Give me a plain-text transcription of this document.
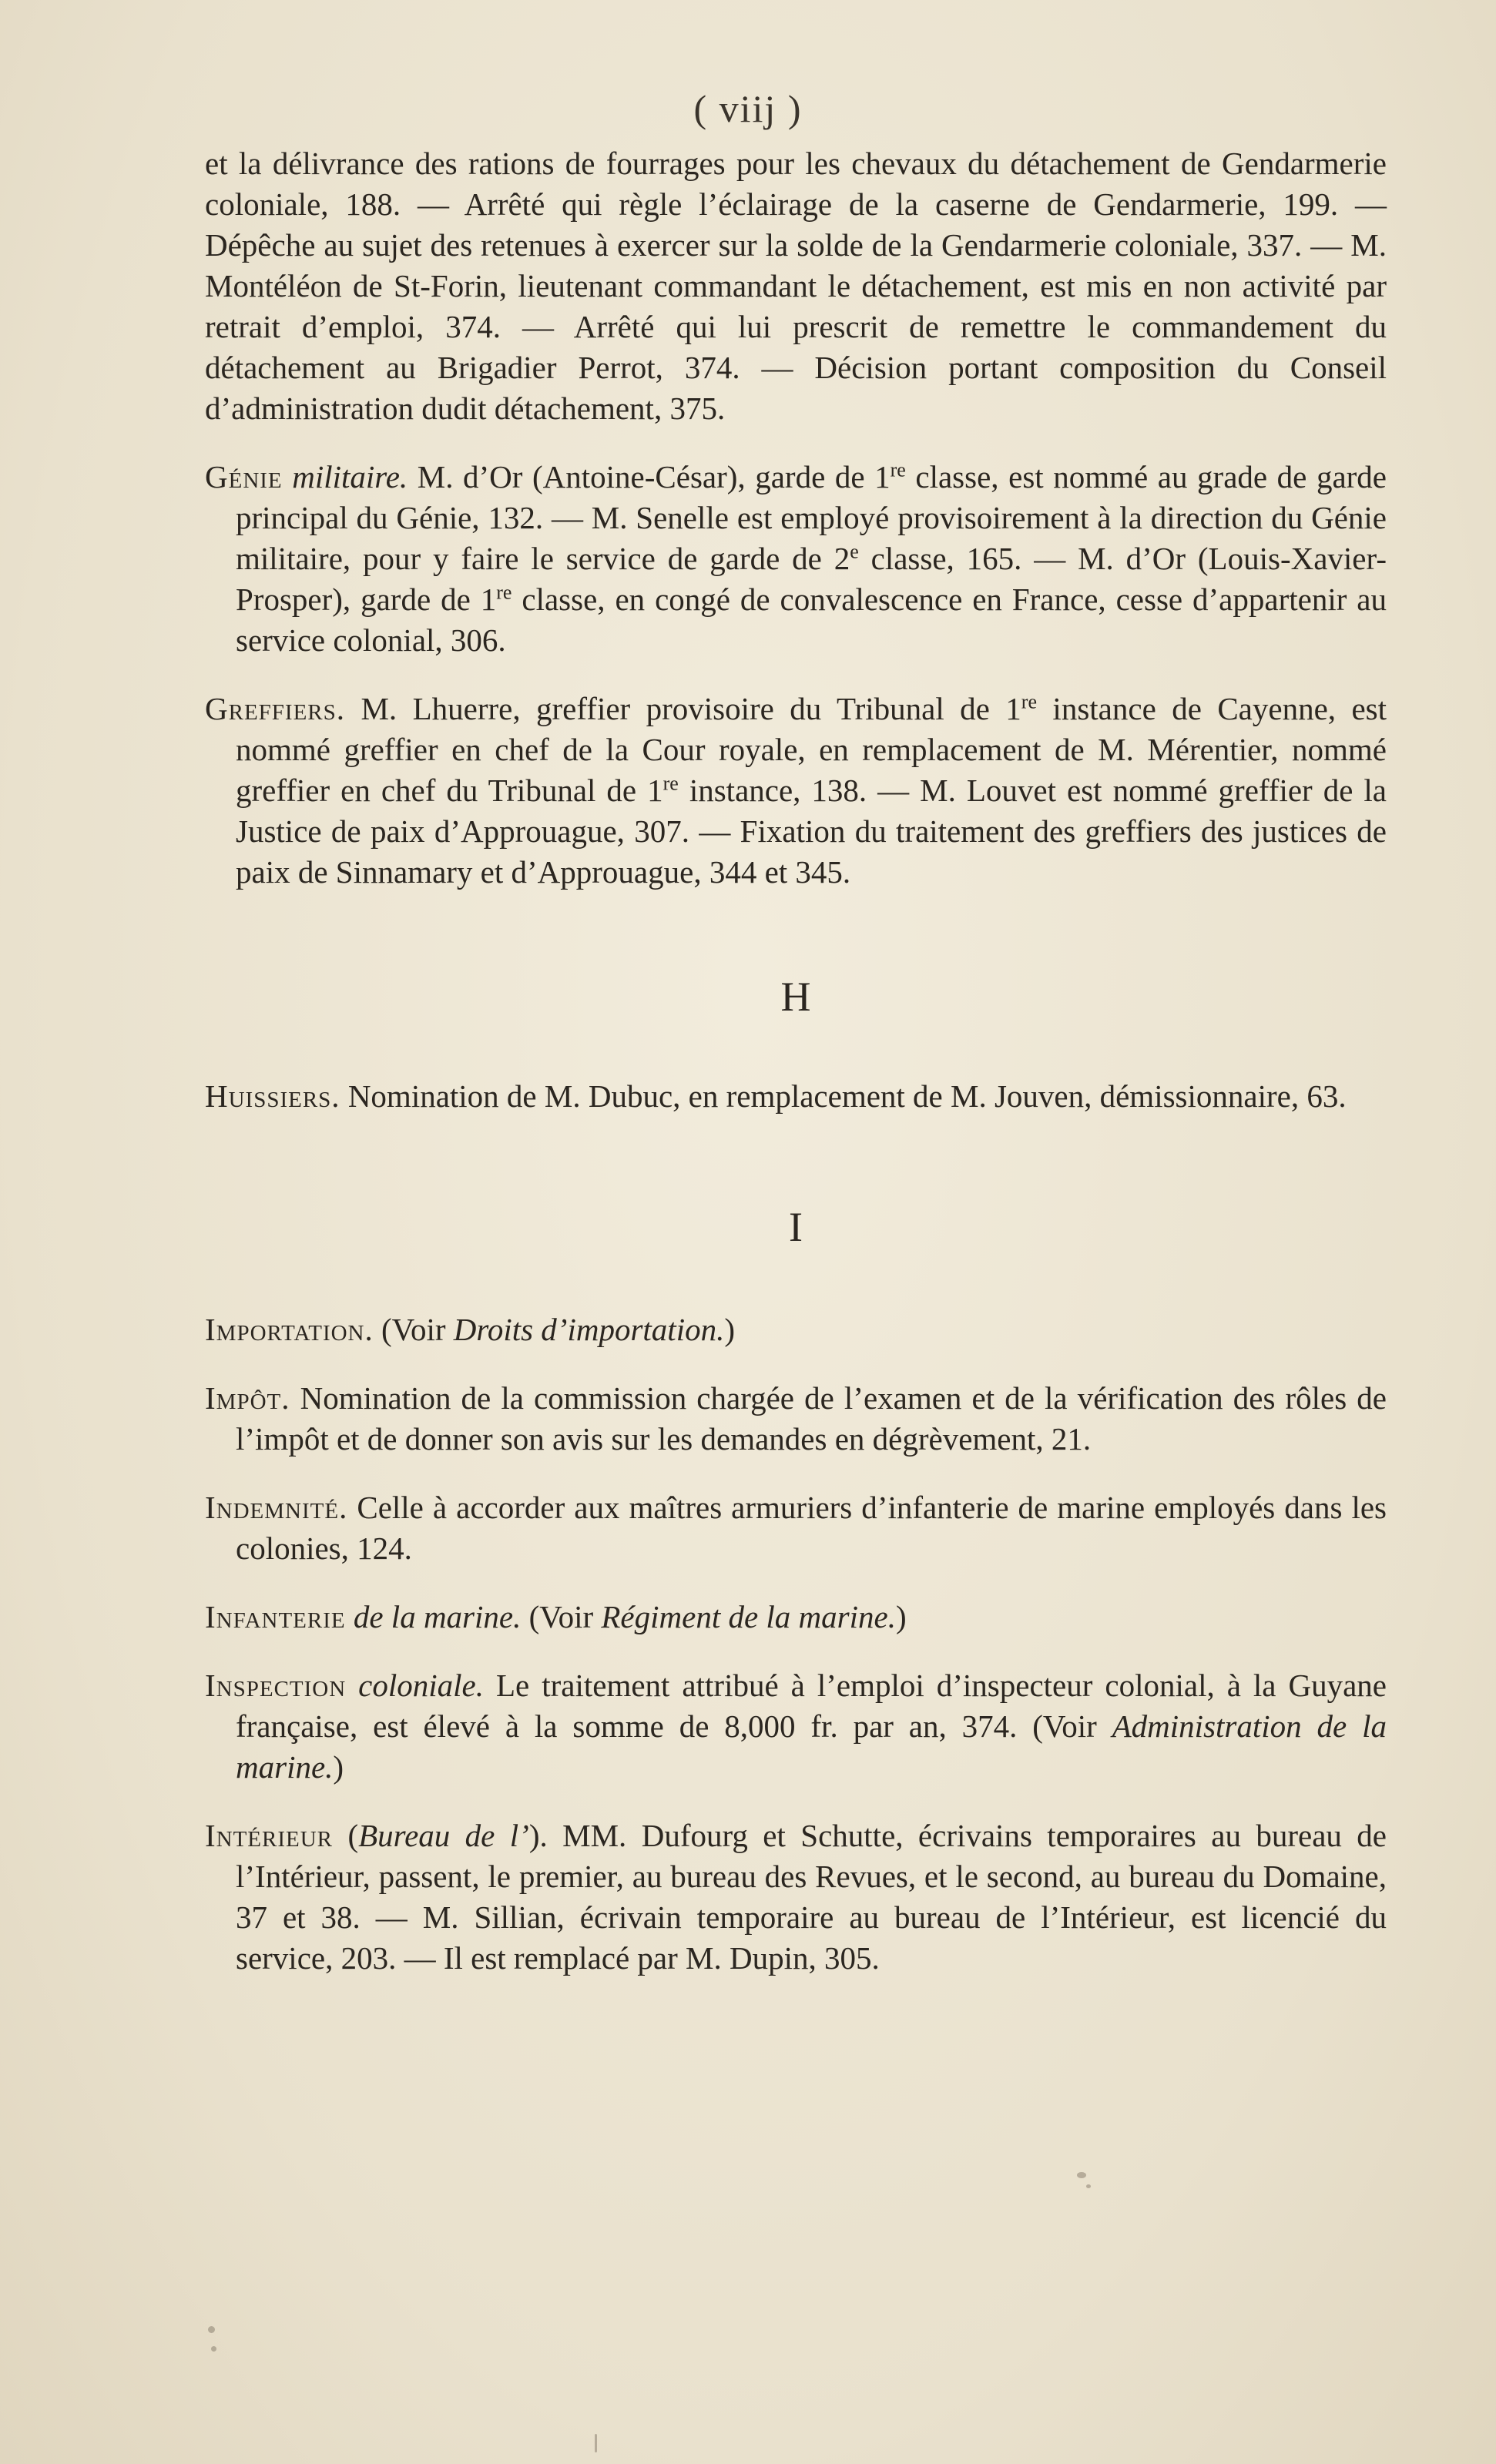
( viij )

et la délivrance des rations de fourrages pour les chevaux du détachement de Gendarmerie coloniale, 188. — Arrêté qui règle l’éclairage de la caserne de Gendarmerie, 199. — Dépêche au sujet des retenues à exercer sur la solde de la Gendarmerie coloniale, 337. — M. Montéléon de St-Forin, lieutenant commandant le détachement, est mis en non activité par retrait d’emploi, 374. — Arrêté qui lui prescrit de remettre le commandement du détachement au Brigadier Perrot, 374. — Décision portant composition du Conseil d’administration dudit détachement, 375.

Génie militaire. M. d’Or (Antoine-César), garde de 1re classe, est nommé au grade de garde principal du Génie, 132. — M. Senelle est employé provisoirement à la direction du Génie militaire, pour y faire le service de garde de 2e classe, 165. — M. d’Or (Louis-Xavier-Prosper), garde de 1re classe, en congé de convalescence en France, cesse d’appartenir au service colonial, 306.

Greffiers. M. Lhuerre, greffier provisoire du Tribunal de 1re instance de Cayenne, est nommé greffier en chef de la Cour royale, en remplacement de M. Mérentier, nommé greffier en chef du Tribunal de 1re instance, 138. — M. Louvet est nommé greffier de la Justice de paix d’Approuague, 307. — Fixation du traitement des greffiers des justices de paix de Sinnamary et d’Approuague, 344 et 345.

H

Huissiers. Nomination de M. Dubuc, en remplacement de M. Jouven, démissionnaire, 63.

I

Importation. (Voir Droits d’importation.)

Impôt. Nomination de la commission chargée de l’examen et de la vérification des rôles de l’impôt et de donner son avis sur les demandes en dégrèvement, 21.

Indemnité. Celle à accorder aux maîtres armuriers d’infanterie de marine employés dans les colonies, 124.

Infanterie de la marine. (Voir Régiment de la marine.)

Inspection coloniale. Le traitement attribué à l’emploi d’inspecteur colonial, à la Guyane française, est élevé à la somme de 8,000 fr. par an, 374. (Voir Administration de la marine.)

Intérieur (Bureau de l’). MM. Dufourg et Schutte, écrivains temporaires au bureau de l’Intérieur, passent, le premier, au bureau des Revues, et le second, au bureau du Domaine, 37 et 38. — M. Sillian, écrivain temporaire au bureau de l’Intérieur, est licencié du service, 203. — Il est remplacé par M. Dupin, 305.
